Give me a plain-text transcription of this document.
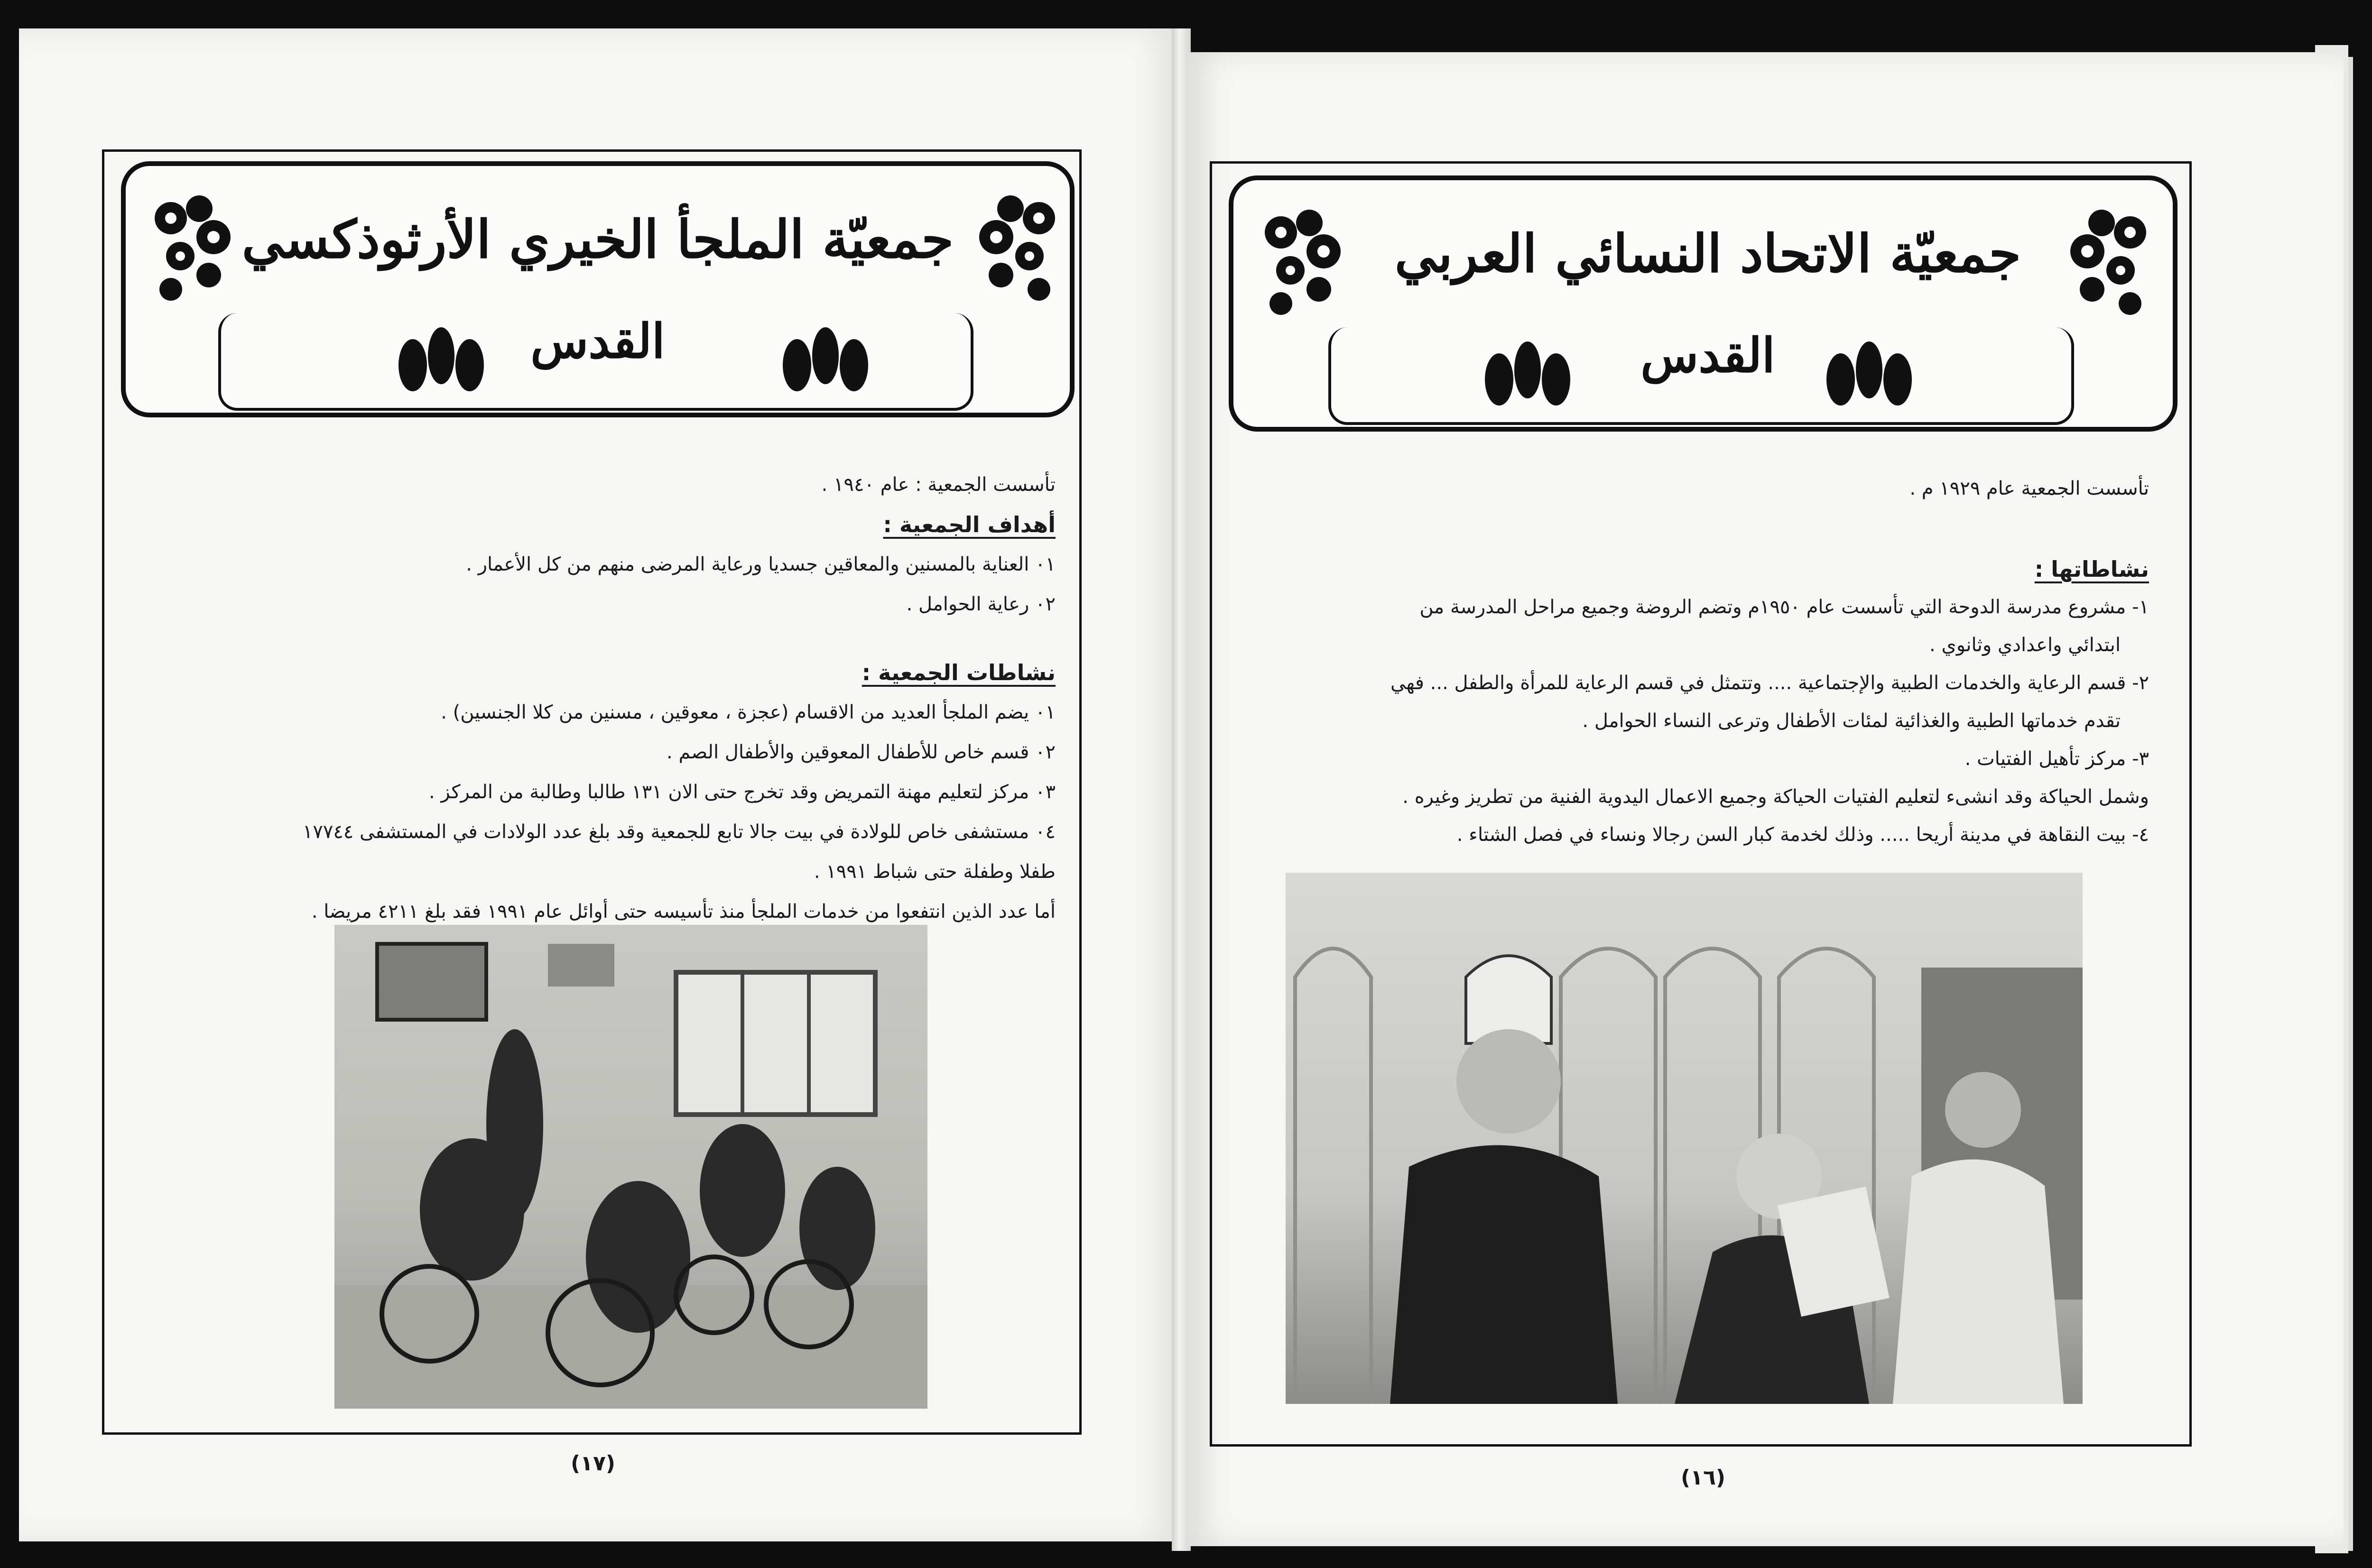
جمعيّة الملجأ الخيري الأرثوذكسي
القدس
تأسست الجمعية : عام ١٩٤٠ .
أهداف الجمعية :
٠١ العناية بالمسنين والمعاقين جسديا ورعاية المرضى منهم من كل الأعمار .
٠٢ رعاية الحوامل .
نشاطات الجمعية :
٠١ يضم الملجأ العديد من الاقسام (عجزة ، معوقين ، مسنين من كلا الجنسين) .
٠٢ قسم خاص للأطفال المعوقين والأطفال الصم .
٠٣ مركز لتعليم مهنة التمريض وقد تخرج حتى الان ١٣١ طالبا وطالبة من المركز .
٠٤ مستشفى خاص للولادة في بيت جالا تابع للجمعية وقد بلغ عدد الولادات في المستشفى ١٧٧٤٤
طفلا وطفلة حتى شباط ١٩٩١ .
أما عدد الذين انتفعوا من خدمات الملجأ منذ تأسيسه حتى أوائل عام ١٩٩١ فقد بلغ ٤٢١١ مريضا .
(١٧)
جمعيّة الاتحاد النسائي العربي
القدس
تأسست الجمعية عام ١٩٢٩ م .
نشاطاتها :
١- مشروع مدرسة الدوحة التي تأسست عام ١٩٥٠م وتضم الروضة وجميع مراحل المدرسة من
ابتدائي واعدادي وثانوي .
٢- قسم الرعاية والخدمات الطبية والإجتماعية .... وتتمثل في قسم الرعاية للمرأة والطفل ... فهي
تقدم خدماتها الطبية والغذائية لمئات الأطفال وترعى النساء الحوامل .
٣- مركز تأهيل الفتيات .
وشمل الحياكة وقد انشىء لتعليم الفتيات الحياكة وجميع الاعمال اليدوية الفنية من تطريز وغيره .
٤- بيت النقاهة في مدينة أريحا ..... وذلك لخدمة كبار السن رجالا ونساء في فصل الشتاء .
(١٦)
